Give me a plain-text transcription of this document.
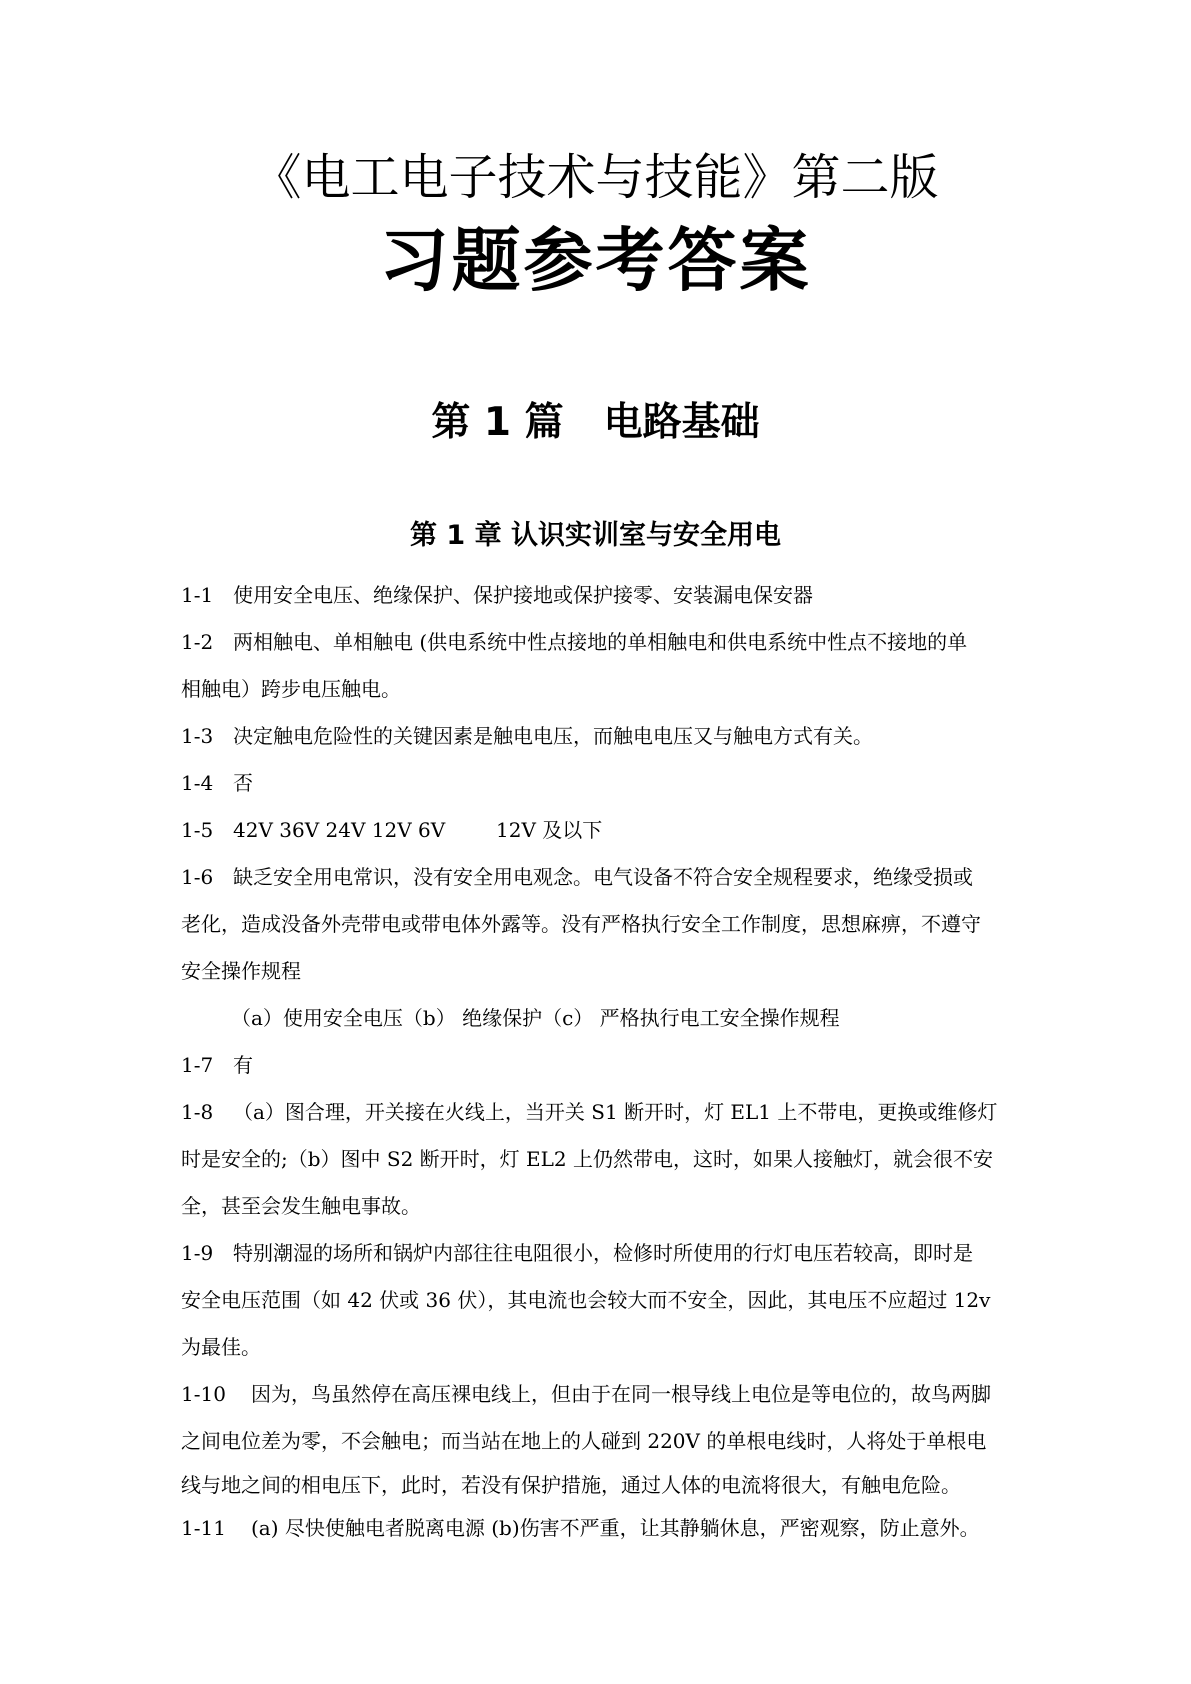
《电工电子技术与技能》第二版
习题参考答案
第 1 篇 电路基础
第 1 章 认识实训室与安全用电

1-1 使用安全电压、绝缘保护、保护接地或保护接零、安装漏电保安器

1-2 两相触电、单相触电 (供电系统中性点接地的单相触电和供电系统中性点不接地的单

相触电）跨步电压触电。

1-3 决定触电危险性的关键因素是触电电压，而触电电压又与触电方式有关。

1-4 否

1-5 42V 36V 24V 12V 6V        12V 及以下

1-6 缺乏安全用电常识，没有安全用电观念。电气设备不符合安全规程要求，绝缘受损或

老化，造成没备外壳带电或带电体外露等。没有严格执行安全工作制度，思想麻痹，不遵守

安全操作规程

（a）使用安全电压（b） 绝缘保护（c） 严格执行电工安全操作规程

1-7 有

1-8 （a）图合理，开关接在火线上，当开关 S1 断开时，灯 EL1 上不带电，更换或维修灯

时是安全的;（b）图中 S2 断开时，灯 EL2 上仍然带电，这时，如果人接触灯，就会很不安

全，甚至会发生触电事故。

1-9 特别潮湿的场所和锅炉内部往往电阻很小，检修时所使用的行灯电压若较高，即时是

安全电压范围（如 42 伏或 36 伏），其电流也会较大而不安全，因此，其电压不应超过 12v

为最佳。

1-10 因为，鸟虽然停在高压裸电线上，但由于在同一根导线上电位是等电位的，故鸟两脚

之间电位差为零，不会触电；而当站在地上的人碰到 220V 的单根电线时，人将处于单根电

线与地之间的相电压下，此时，若没有保护措施，通过人体的电流将很大，有触电危险。

1-11 (a) 尽快使触电者脱离电源 (b)伤害不严重，让其静躺休息，严密观察，防止意外。
